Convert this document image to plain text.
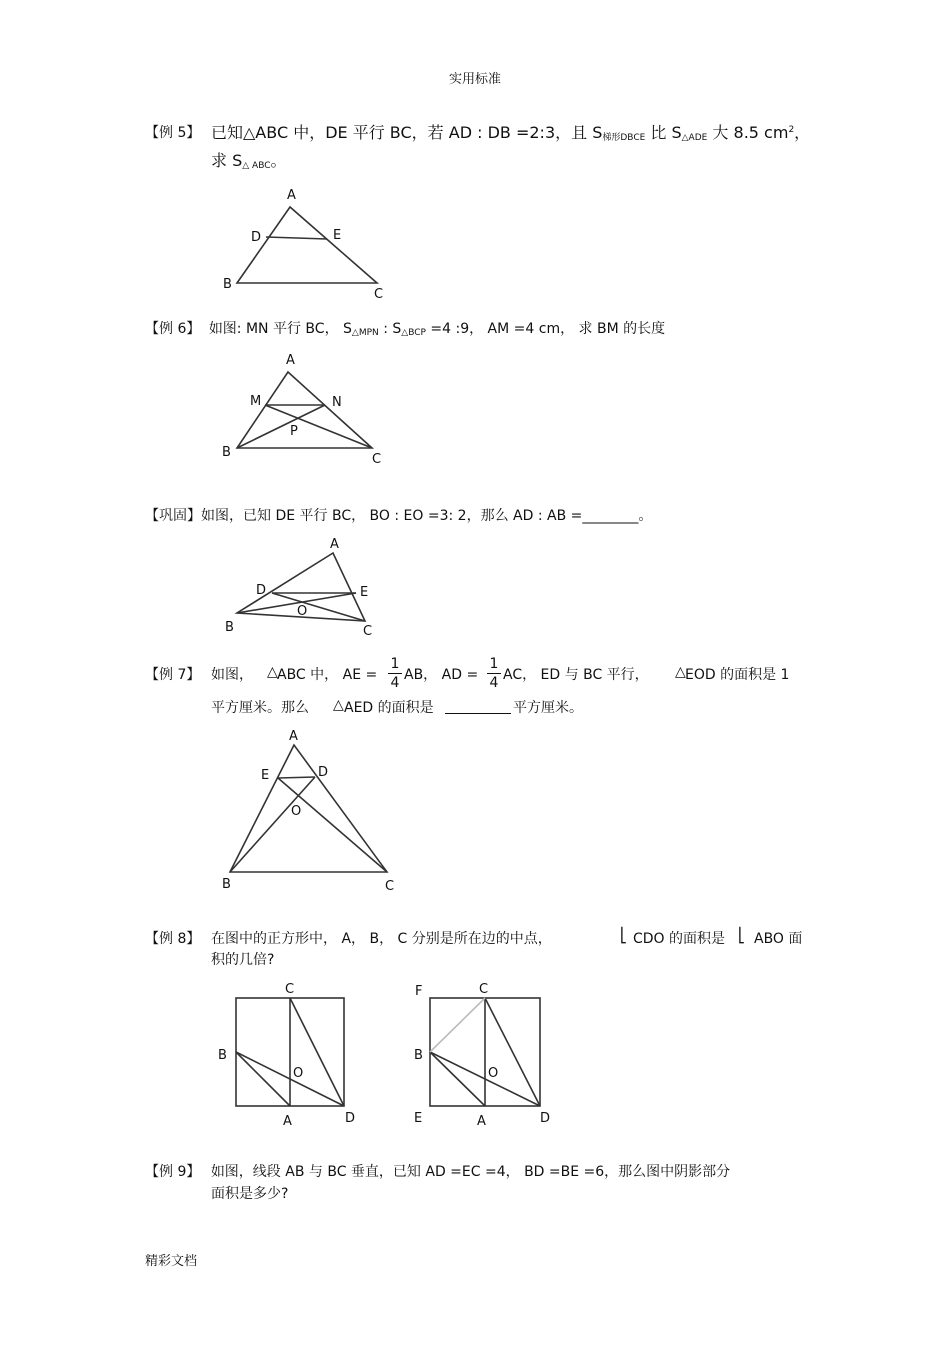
实用标准
【例 5】 已知△ABC 中，DE 平行 BC，若 AD : DB =2:3，且 $S_{梯形DBCE}$ 比 $S_{\triangle ADE}$ 大 8.5 $cm^2$，
求 $S_{\triangle ABC}$。
A
D	E
B
C
【例 6】 如图: MN 平行 BC， $S_{\triangle MPN}$ : $S_{\triangle BCP} =4$ :9， AM =4 cm， 求 BM 的长度
A
M	N
P
B	C
【巩固】如图，已知 DE 平行 BC， BO : EO =3: 2，那么 AD : AB =________。
A
D	E
O
B	C
【例 7】 如图， △ ABC 中， AE =
1
4 AB， AD =
1
4 AC， ED 与 BC 平行， △ EOD 的面积是 1
平方厘米。那么 △ AED 的面积是	平方厘米。
A
E	D
O
B	C
【例 8】 在图中的正方形中， A， B， C 分别是所在边的中点，	⎣ CDO 的面积是 ⎣ ABO 面
积的几倍?
C
B
O
A	D
F	C
B
O
E	A	D
【例 9】 如图，线段 AB 与 BC 垂直，已知 AD =EC =4， BD =BE =6，那么图中阴影部分
面积是多少?
精彩文档
